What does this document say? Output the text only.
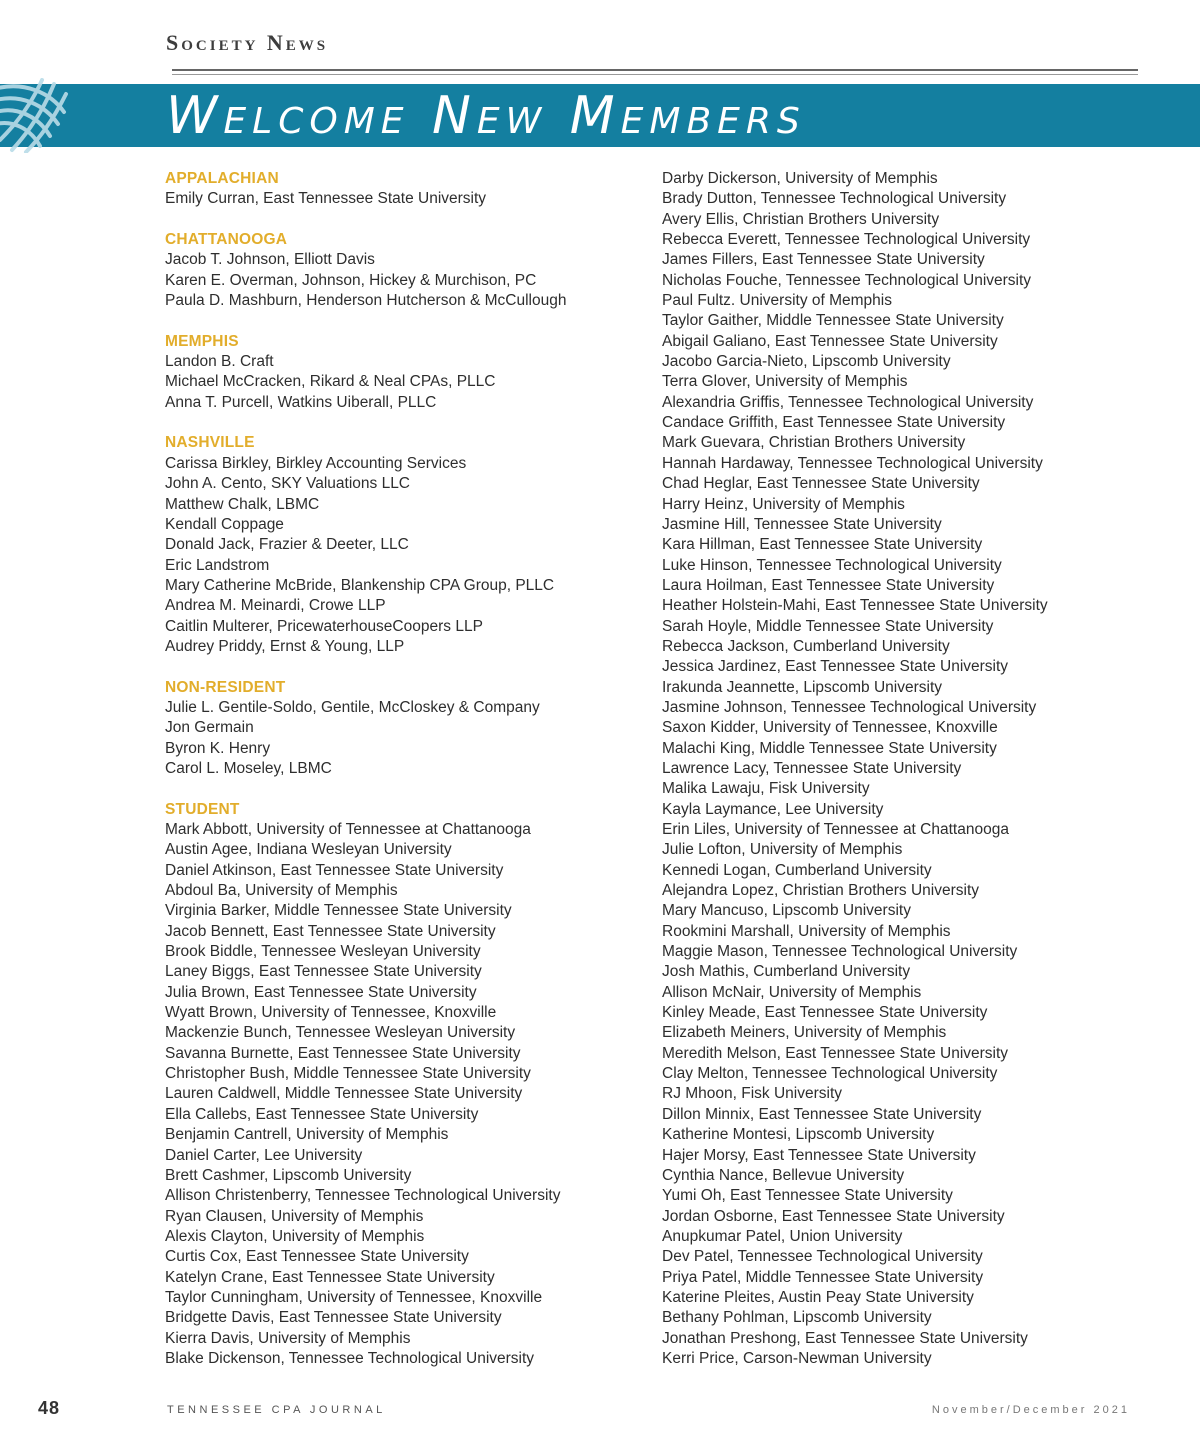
Society News
Welcome New Members
APPALACHIAN

Emily Curran, East Tennessee State University

CHATTANOOGA

Jacob T. Johnson, Elliott Davis

Karen E. Overman, Johnson, Hickey & Murchison, PC

Paula D. Mashburn, Henderson Hutcherson & McCullough

MEMPHIS

Landon B. Craft

Michael McCracken, Rikard & Neal CPAs, PLLC

Anna T. Purcell, Watkins Uiberall, PLLC

NASHVILLE

Carissa Birkley, Birkley Accounting Services

John A. Cento, SKY Valuations LLC

Matthew Chalk, LBMC

Kendall Coppage

Donald Jack, Frazier & Deeter, LLC

Eric Landstrom

Mary Catherine McBride, Blankenship CPA Group, PLLC

Andrea M. Meinardi, Crowe LLP

Caitlin Multerer, PricewaterhouseCoopers LLP

Audrey Priddy, Ernst & Young, LLP

NON-RESIDENT

Julie L. Gentile-Soldo, Gentile, McCloskey & Company

Jon Germain

Byron K. Henry

Carol L. Moseley, LBMC

STUDENT

Mark Abbott, University of Tennessee at Chattanooga

Austin Agee, Indiana Wesleyan University

Daniel Atkinson, East Tennessee State University

Abdoul Ba, University of Memphis

Virginia Barker, Middle Tennessee State University

Jacob Bennett, East Tennessee State University

Brook Biddle, Tennessee Wesleyan University

Laney Biggs, East Tennessee State University

Julia Brown, East Tennessee State University

Wyatt Brown, University of Tennessee, Knoxville

Mackenzie Bunch, Tennessee Wesleyan University

Savanna Burnette, East Tennessee State University

Christopher Bush, Middle Tennessee State University

Lauren Caldwell, Middle Tennessee State University

Ella Callebs, East Tennessee State University

Benjamin Cantrell, University of Memphis

Daniel Carter, Lee University

Brett Cashmer, Lipscomb University

Allison Christenberry, Tennessee Technological University

Ryan Clausen, University of Memphis

Alexis Clayton, University of Memphis

Curtis Cox, East Tennessee State University

Katelyn Crane, East Tennessee State University

Taylor Cunningham, University of Tennessee, Knoxville

Bridgette Davis, East Tennessee State University

Kierra Davis, University of Memphis

Blake Dickenson, Tennessee Technological University

Darby Dickerson, University of Memphis

Brady Dutton, Tennessee Technological University

Avery Ellis, Christian Brothers University

Rebecca Everett, Tennessee Technological University

James Fillers, East Tennessee State University

Nicholas Fouche, Tennessee Technological University

Paul Fultz. University of Memphis

Taylor Gaither, Middle Tennessee State University

Abigail Galiano, East Tennessee State University

Jacobo Garcia-Nieto, Lipscomb University

Terra Glover, University of Memphis

Alexandria Griffis, Tennessee Technological University

Candace Griffith, East Tennessee State University

Mark Guevara, Christian Brothers University

Hannah Hardaway, Tennessee Technological University

Chad Heglar, East Tennessee State University

Harry Heinz, University of Memphis

Jasmine Hill, Tennessee State University

Kara Hillman, East Tennessee State University

Luke Hinson, Tennessee Technological University

Laura Hoilman, East Tennessee State University

Heather Holstein-Mahi, East Tennessee State University

Sarah Hoyle, Middle Tennessee State University

Rebecca Jackson, Cumberland University

Jessica Jardinez, East Tennessee State University

Irakunda Jeannette, Lipscomb University

Jasmine Johnson, Tennessee Technological University

Saxon Kidder, University of Tennessee, Knoxville

Malachi King, Middle Tennessee State University

Lawrence Lacy, Tennessee State University

Malika Lawaju, Fisk University

Kayla Laymance, Lee University

Erin Liles, University of Tennessee at Chattanooga

Julie Lofton, University of Memphis

Kennedi Logan, Cumberland University

Alejandra Lopez, Christian Brothers University

Mary Mancuso, Lipscomb University

Rookmini Marshall, University of Memphis

Maggie Mason, Tennessee Technological University

Josh Mathis, Cumberland University

Allison McNair, University of Memphis

Kinley Meade, East Tennessee State University

Elizabeth Meiners, University of Memphis

Meredith Melson, East Tennessee State University

Clay Melton, Tennessee Technological University

RJ Mhoon, Fisk University

Dillon Minnix, East Tennessee State University

Katherine Montesi, Lipscomb University

Hajer Morsy, East Tennessee State University

Cynthia Nance, Bellevue University

Yumi Oh, East Tennessee State University

Jordan Osborne, East Tennessee State University

Anupkumar Patel, Union University

Dev Patel, Tennessee Technological University

Priya Patel, Middle Tennessee State University

Katerine Pleites, Austin Peay State University

Bethany Pohlman, Lipscomb University

Jonathan Preshong, East Tennessee State University

Kerri Price, Carson-Newman University

48	TENNESSEE CPA JOURNAL	November/December 2021
